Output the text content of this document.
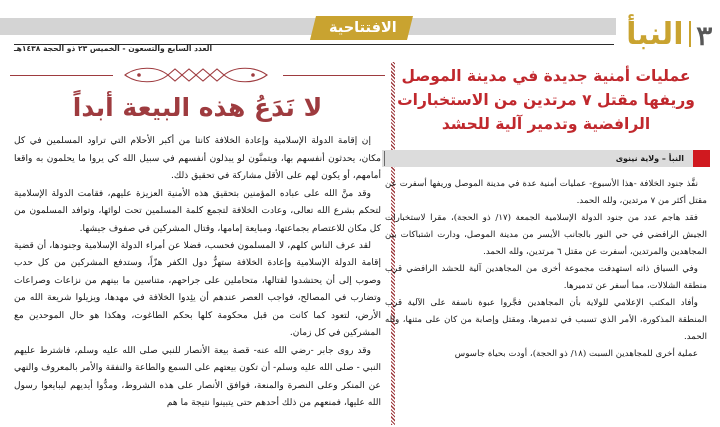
الافتتاحية
العدد السابع والتسعون - الخميس ٢٣ ذو الحجة ١٤٣٨هـ	٣
النبأ
لا نَدَعُ هذه البيعة أبداً

إن إقامة الدولة الإسلامية وإعادة الخلافة كانتا من أكبر الأحلام التي تراود المسلمين في كل مكان، يحدثون أنفسهم بها، ويتمنَّون لو يبذلون أنفسهم في سبيل الله كي يروا ما يحلمون به واقعا أمامهم، أو يكون لهم على الأقل مشاركة في تحقيق ذلك.

وقد منَّ الله على عباده المؤمنين بتحقيق هذه الأمنية العزيزة عليهم، فقامت الدولة الإسلامية لتحكم بشرع الله تعالى، وعادت الخلافة لتجمع كلمة المسلمين تحت لوائها، وتوافد المسلمون من كل مكان للاعتصام بجماعتها، ومبايعة إمامها، وقتال المشركين في صفوف جيشها.

لقد عرف الناس كلهم، لا المسلمون فحسب، فضلا عن أمراء الدولة الإسلامية وجنودها، أن قضية إقامة الدولة الإسلامية وإعادة الخلافة ستهزُّ دول الكفر هزّاً، وستدفع المشركين من كل حدب وصوب إلى أن يحتشدوا لقتالها، متحاملين على جراحهم، متناسين ما بينهم من نزاعات وصراعات وتضارب في المصالح، فواجب العصر عندهم أن يئِدوا الخلافة في مهدها، ويزيلوا شريعة الله من الأرض، لتعود كما كانت من قبل محكومة كلها بحكم الطاغوت، وهكذا هو حال الموحدين مع المشركين في كل زمان.

وقد روى جابر -رضي الله عنه- قصة بيعة الأنصار للنبي صلى الله عليه وسلم، فاشترط عليهم النبي - صلى الله عليه وسلم- أن تكون بيعتهم على السمع والطاعة والنفقة والأمر بالمعروف والنهي عن المنكر وعلى النصرة والمنعة، فوافق الأنصار على هذه الشروط، ومدُّوا أيديهم ليبايعوا رسول الله عليها، فمنعهم من ذلك أحدهم حتى يتبينوا نتيجة ما هم

عمليات أمنية جديدة في مدينة الموصل وريفها مقتل ٧ مرتدين من الاستخبارات الرافضية وتدمير آلية للحشد
النبأ – ولاية نينوى

نفَّذ جنود الخلافة -هذا الأسبوع- عمليات أمنية عدة في مدينة الموصل وريفها أسفرت عن مقتل أكثر من ٧ مرتدين، ولله الحمد.

فقد هاجم عدد من جنود الدولة الإسلامية الجمعة (١٧/ ذو الحجة)، مقرا لاستخبارات الجيش الرافضي في حي النور بالجانب الأيسر من مدينة الموصل، ودارت اشتباكات بين المجاهدين والمرتدين، أسفرت عن مقتل ٦ مرتدين، ولله الحمد.

وفي السياق ذاته استهدفت مجموعة أخرى من المجاهدين آلية للحشد الرافضي قرب منطقة الشلالات، مما أسفر عن تدميرها.

وأفاد المكتب الإعلامي للولاية بأن المجاهدين فجَّروا عبوة ناسفة على الآلية قرب المنطقة المذكورة، الأمر الذي تسبب في تدميرها، ومقتل وإصابة من كان على متنها، ولله الحمد.

عملية أخرى للمجاهدين السبت (١٨/ ذو الحجة)، أودت بحياة جاسوس
